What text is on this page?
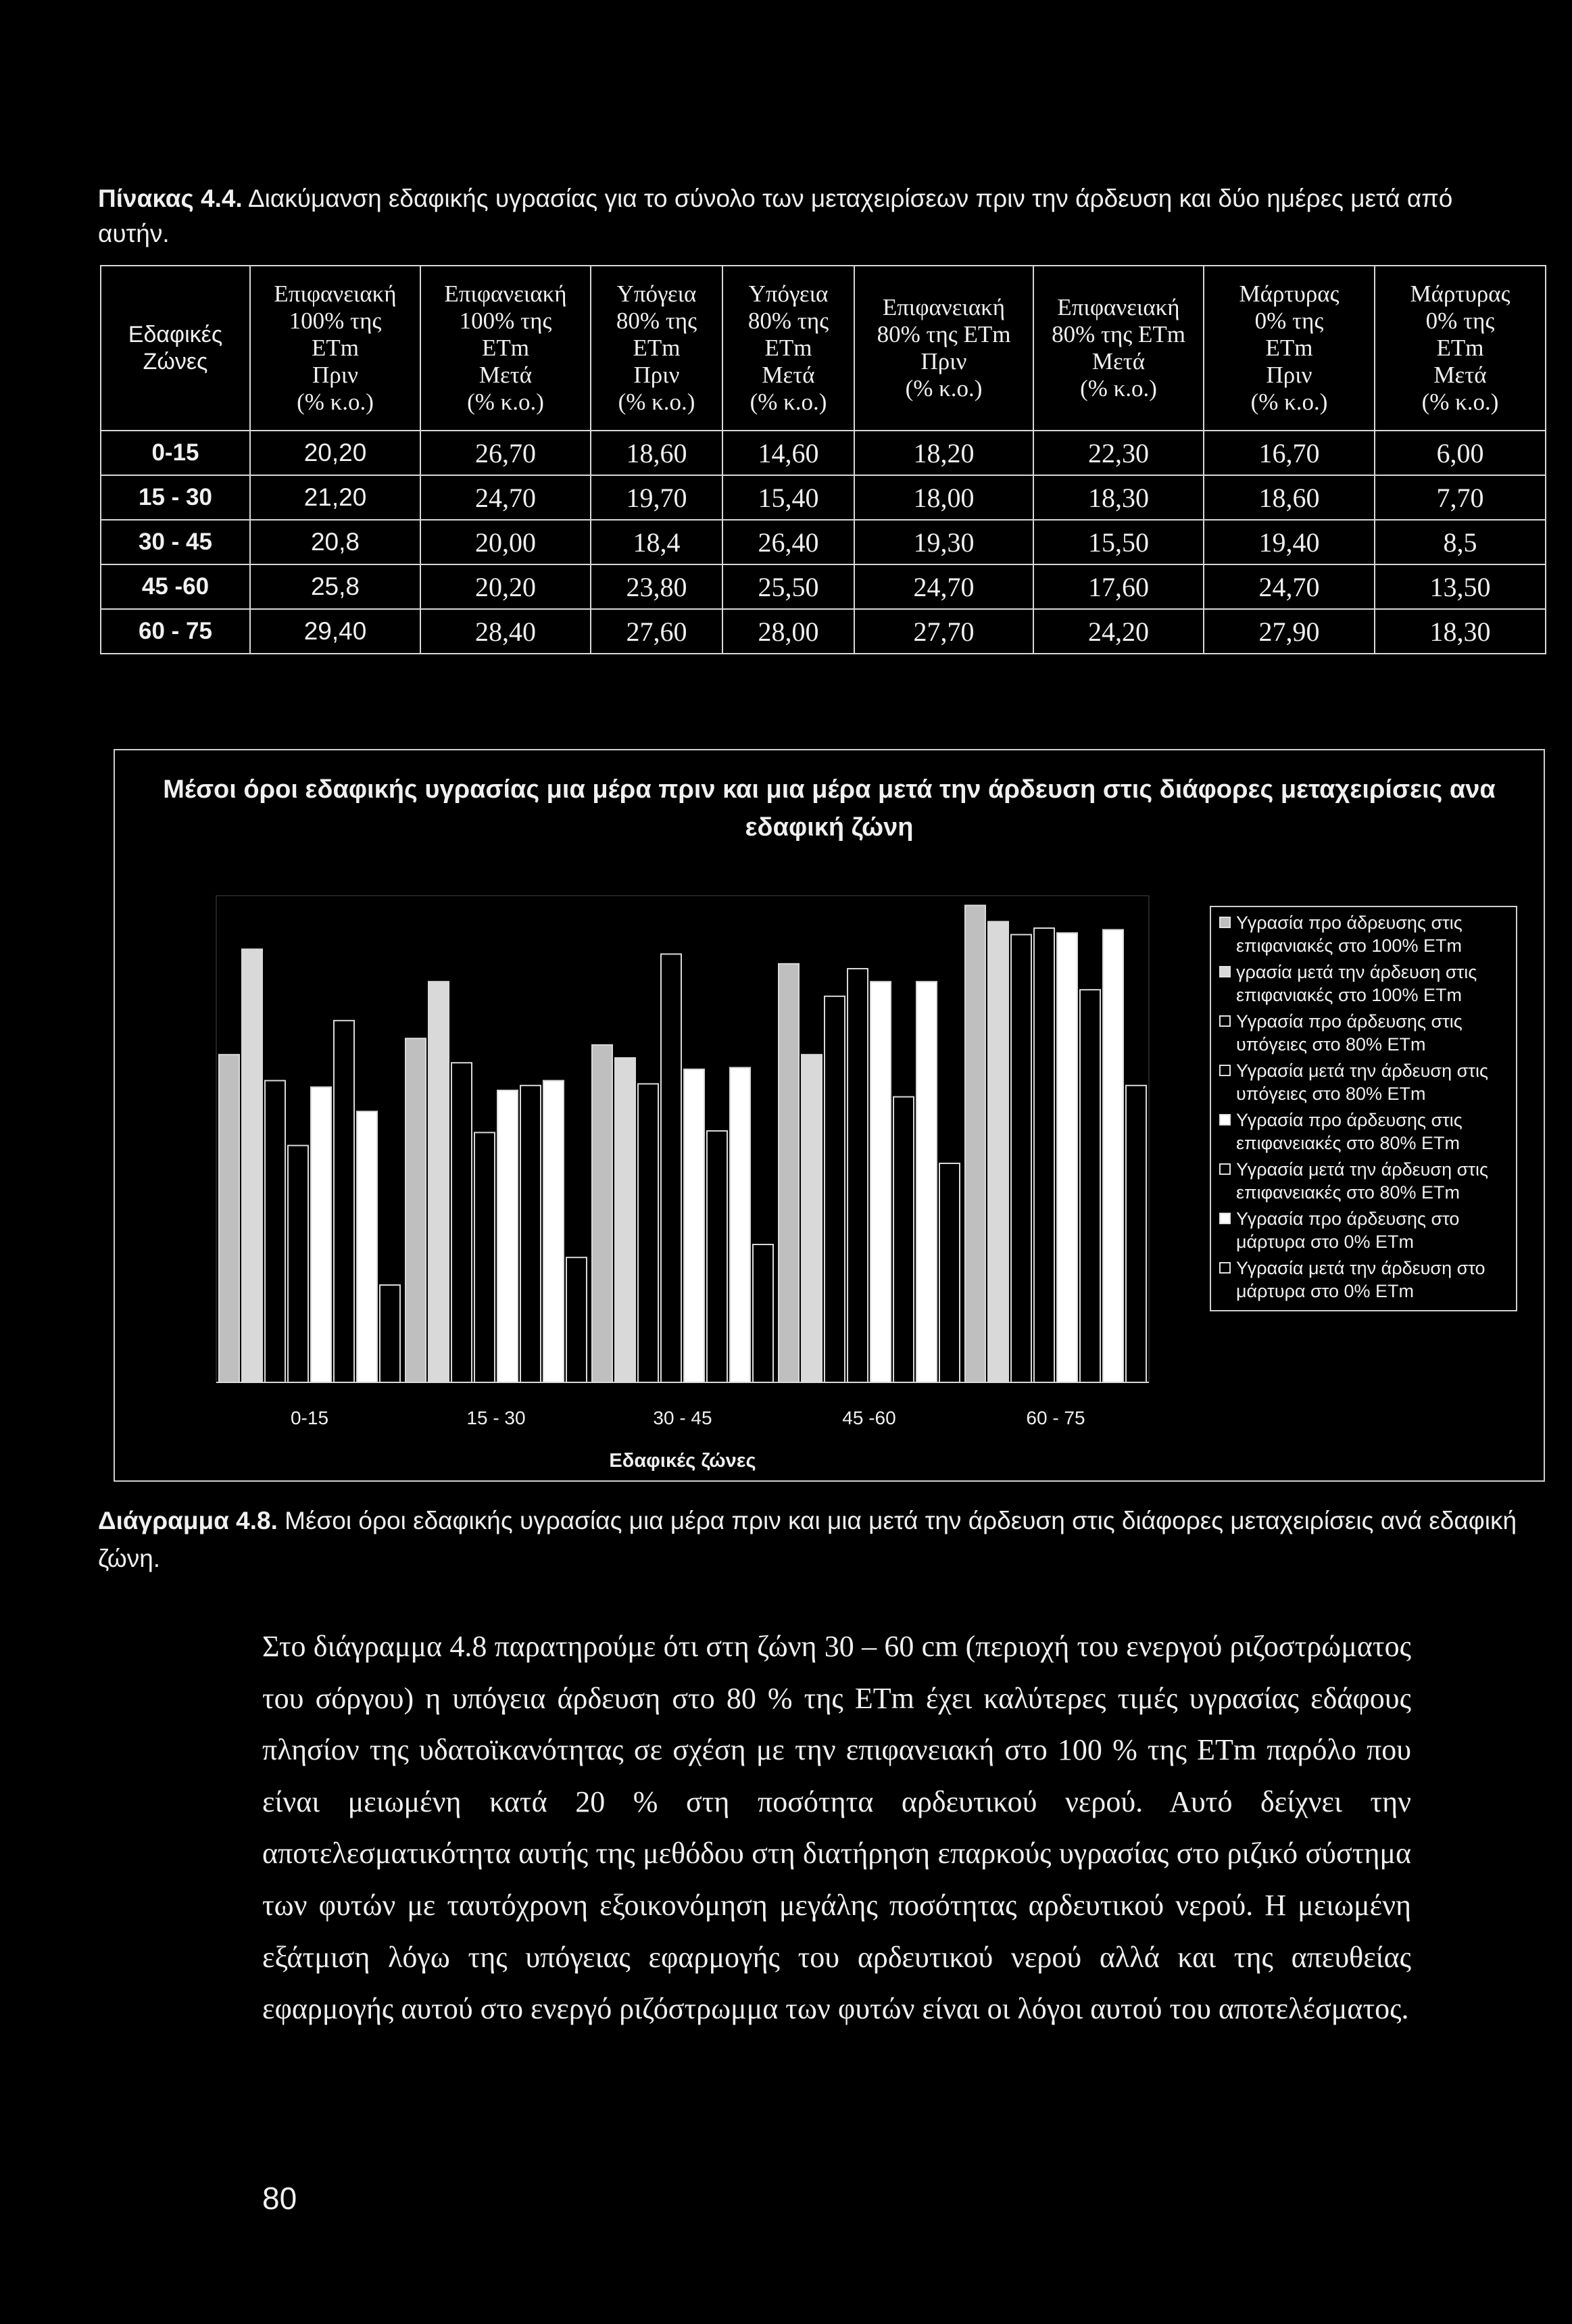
Πίνακας 4.4. Διακύμανση εδαφικής υγρασίας για το σύνολο των μεταχειρίσεων πριν την άρδευση και δύο ημέρες μετά από αυτήν.
Εδαφικές
Ζώνες	Επιφανειακή
100% της
ETm
Πριν
(% κ.ο.)	Επιφανειακή
100% της
ETm
Μετά
(% κ.ο.)	Υπόγεια
80% της
ETm
Πριν
(% κ.ο.)	Υπόγεια
80% της
ETm
Μετά
(% κ.ο.)	Επιφανειακή
80% της ETm
Πριν
(% κ.ο.)	Επιφανειακή
80% της ETm
Μετά
(% κ.ο.)	Μάρτυρας
0% της
ETm
Πριν
(% κ.ο.)	Μάρτυρας
0% της
ETm
Μετά
(% κ.ο.)

0-15	20,20	26,70	18,60	14,60	18,20	22,30	16,70	6,00
15 - 30	21,20	24,70	19,70	15,40	18,00	18,30	18,60	7,70
30 - 45	20,8	20,00	18,4	26,40	19,30	15,50	19,40	8,5
45 -60	25,8	20,20	23,80	25,50	24,70	17,60	24,70	13,50
60 - 75	29,40	28,40	27,60	28,00	27,70	24,20	27,90	18,30
Μέσοι όροι εδαφικής υγρασίας μια μέρα πριν και μια μέρα μετά την άρδευση στις διάφορες μεταχειρίσεις ανα εδαφική ζώνη
0-15	15 - 30	30 - 45	45 -60	60 - 75
Εδαφικές ζώνες
Υγρασία προ άδρευσης στις επιφανιακές στο 100% ETm
γρασία μετά την άρδευση στις επιφανιακές στο 100% ETm
Υγρασία προ άρδευσης στις υπόγειες στο 80% ETm
Υγρασία μετά την άρδευση στις υπόγειες στο 80% ETm
Υγρασία προ άρδευσης στις επιφανειακές στο 80% ETm
Υγρασία μετά την άρδευση στις επιφανειακές στο 80% ETm
Υγρασία προ άρδευσης στο μάρτυρα στο 0% ETm
Υγρασία μετά την άρδευση στο μάρτυρα στο 0% ETm
Διάγραμμα 4.8. Μέσοι όροι εδαφικής υγρασίας μια μέρα πριν και μια μετά την άρδευση στις διάφορες μεταχειρίσεις ανά εδαφική ζώνη.

Στο διάγραμμα 4.8 παρατηρούμε ότι στη ζώνη 30 – 60 cm (περιοχή του ενεργού ριζοστρώματος του σόργου) η υπόγεια άρδευση στο 80 % της ETm έχει καλύτερες τιμές υγρασίας εδάφους πλησίον της υδατοϊκανότητας σε σχέση με την επιφανειακή στο 100 % της ETm παρόλο που είναι μειωμένη κατά 20 % στη ποσότητα αρδευτικού νερού. Αυτό δείχνει την αποτελεσματικότητα αυτής της μεθόδου στη διατήρηση επαρκούς υγρασίας στο ριζικό σύστημα των φυτών με ταυτόχρονη εξοικονόμηση μεγάλης ποσότητας αρδευτικού νερού. Η μειωμένη εξάτμιση λόγω της υπόγειας εφαρμογής του αρδευτικού νερού αλλά και της απευθείας εφαρμογής αυτού στο ενεργό ριζόστρωμμα των φυτών είναι οι λόγοι αυτού του αποτελέσματος.

80
